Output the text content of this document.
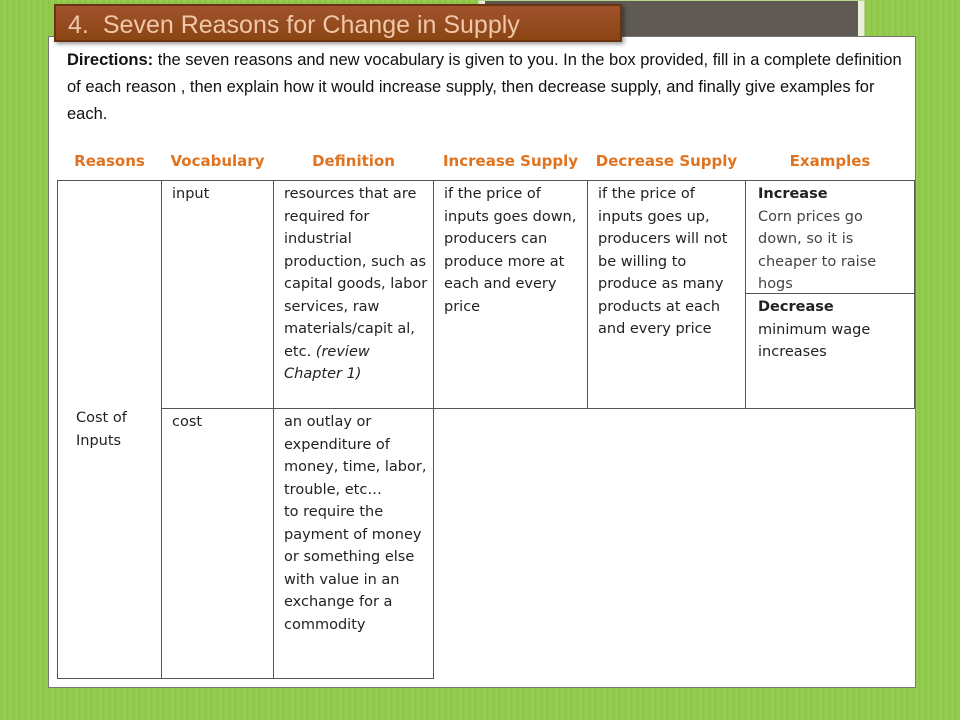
Directions: the seven reasons and new vocabulary is given to you. In the box provided, fill in a complete definition of each reason , then explain how it would increase supply, then decrease supply, and finally give examples for each.
Reasons	Vocabulary	Definition	Increase Supply	Decrease Supply	Examples
Cost of Inputs	input	resources that are required for industrial production, such as capital goods, labor services, raw materials/capit al, etc. (review Chapter 1)	if the price of inputs goes down, producers can produce more at each and every price	if the price of inputs goes up, producers will not be willing to produce as many products at each and every price	Increase
Corn prices go down, so it is cheaper to raise hogs
Decrease
minimum wage increases

	cost	an outlay or expenditure of money, time, labor, trouble, etc…
to require the payment of money or something else with value in an exchange for a commodity			

4. Seven Reasons for Change in Supply
